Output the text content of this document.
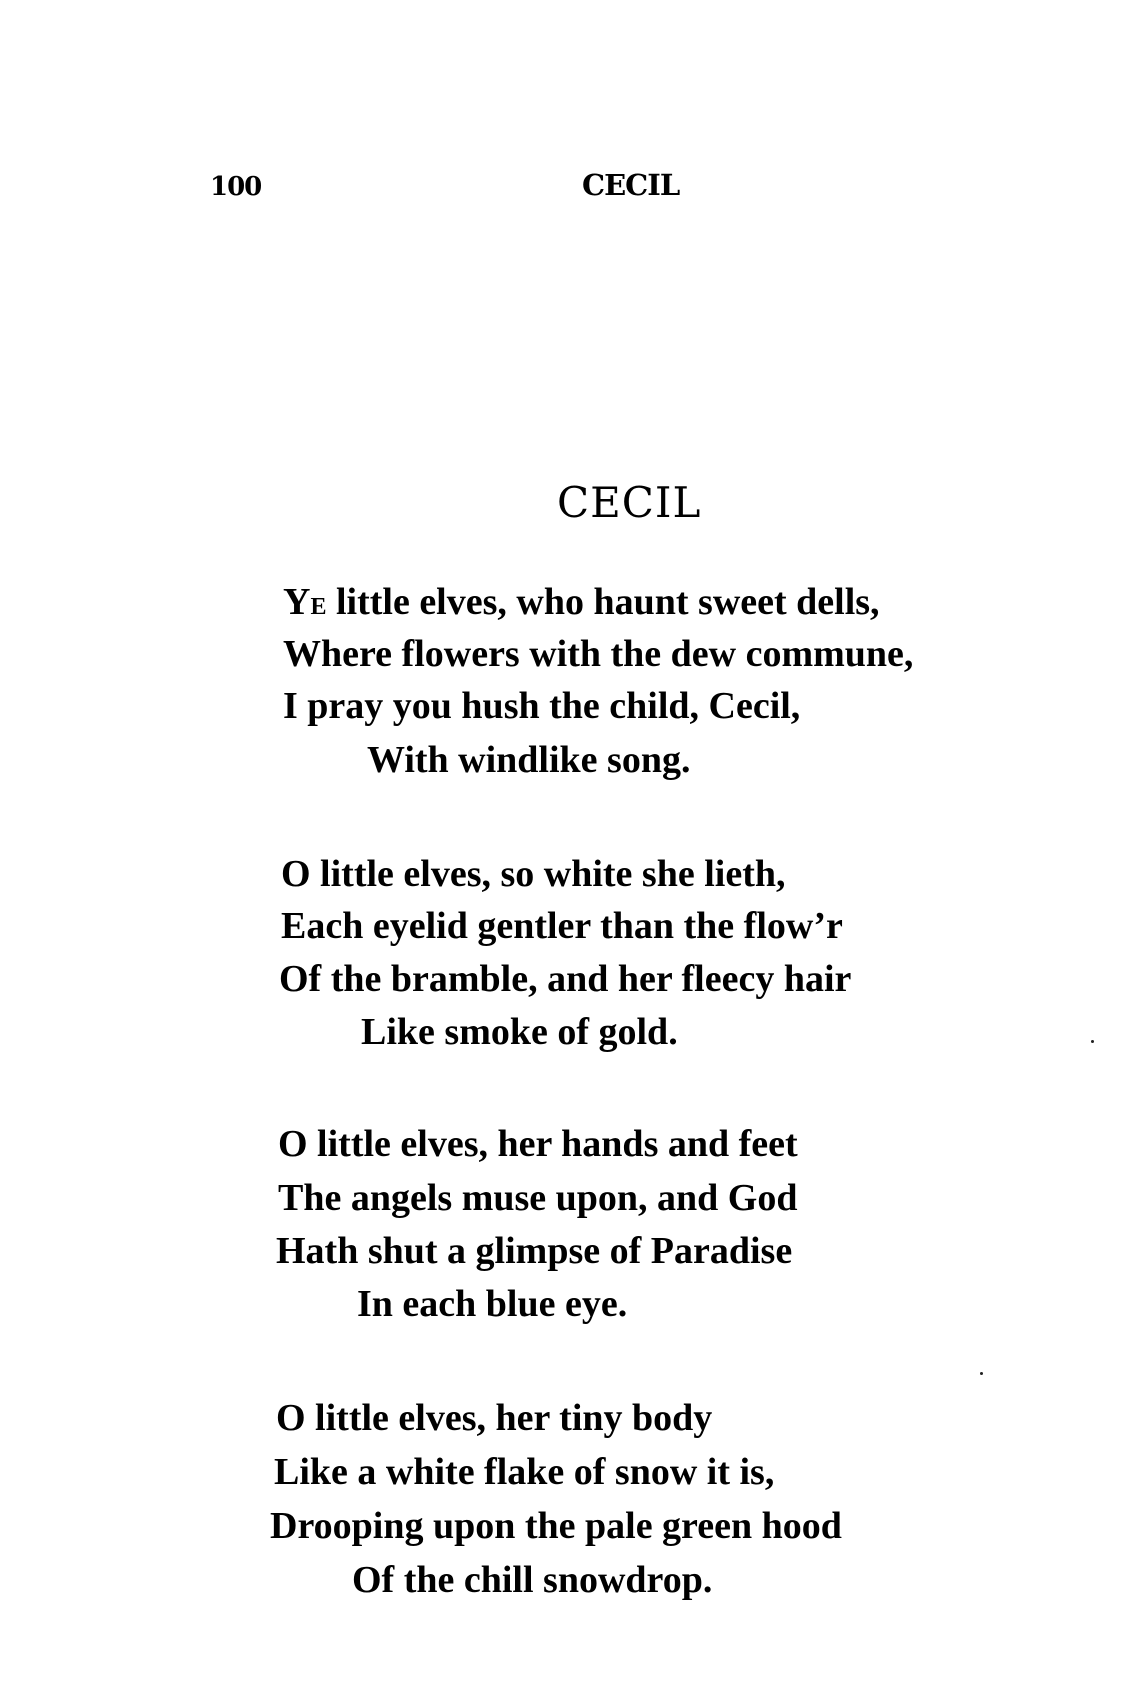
100	CECIL
CECIL
YE little elves, who haunt sweet dells,
Where flowers with the dew commune,
I pray you hush the child, Cecil,
With windlike song.
O little elves, so white she lieth,
Each eyelid gentler than the flow’r
Of the bramble, and her fleecy hair
Like smoke of gold.
O little elves, her hands and feet
The angels muse upon, and God
Hath shut a glimpse of Paradise
In each blue eye.
O little elves, her tiny body
Like a white flake of snow it is,
Drooping upon the pale green hood
Of the chill snowdrop.
